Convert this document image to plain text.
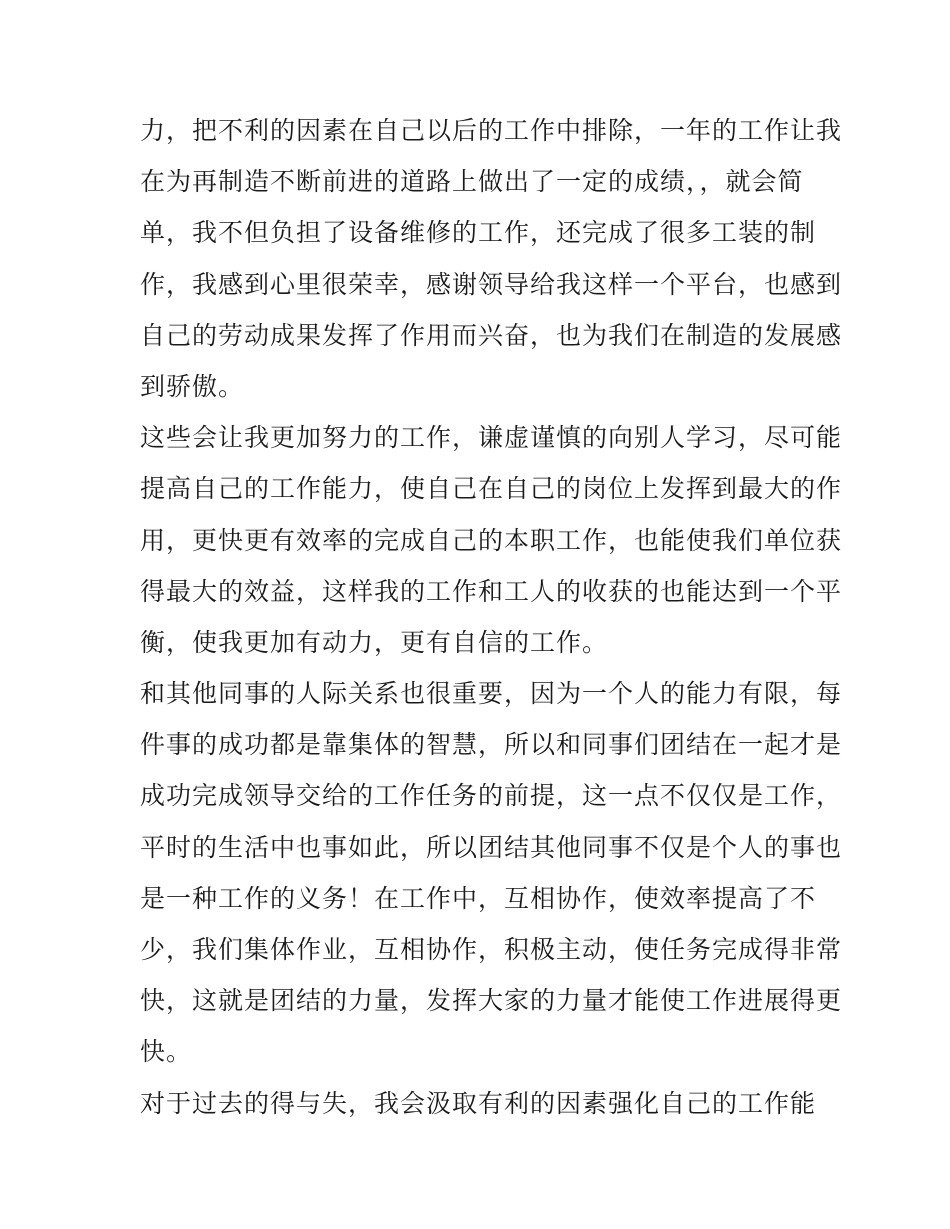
力，把不利的因素在自己以后的工作中排除，一年的工作让我
在为再制造不断前进的道路上做出了一定的成绩，，就会简
单，我不但负担了设备维修的工作，还完成了很多工装的制
作，我感到心里很荣幸，感谢领导给我这样一个平台，也感到
自己的劳动成果发挥了作用而兴奋，也为我们在制造的发展感
到骄傲。
这些会让我更加努力的工作，谦虚谨慎的向别人学习，尽可能
提高自己的工作能力，使自己在自己的岗位上发挥到最大的作
用，更快更有效率的完成自己的本职工作，也能使我们单位获
得最大的效益，这样我的工作和工人的收获的也能达到一个平
衡，使我更加有动力，更有自信的工作。
和其他同事的人际关系也很重要，因为一个人的能力有限，每
件事的成功都是靠集体的智慧，所以和同事们团结在一起才是
成功完成领导交给的工作任务的前提，这一点不仅仅是工作，
平时的生活中也事如此，所以团结其他同事不仅是个人的事也
是一种工作的义务！在工作中，互相协作，使效率提高了不
少，我们集体作业，互相协作，积极主动，使任务完成得非常
快，这就是团结的力量，发挥大家的力量才能使工作进展得更
快。
对于过去的得与失，我会汲取有利的因素强化自己的工作能
